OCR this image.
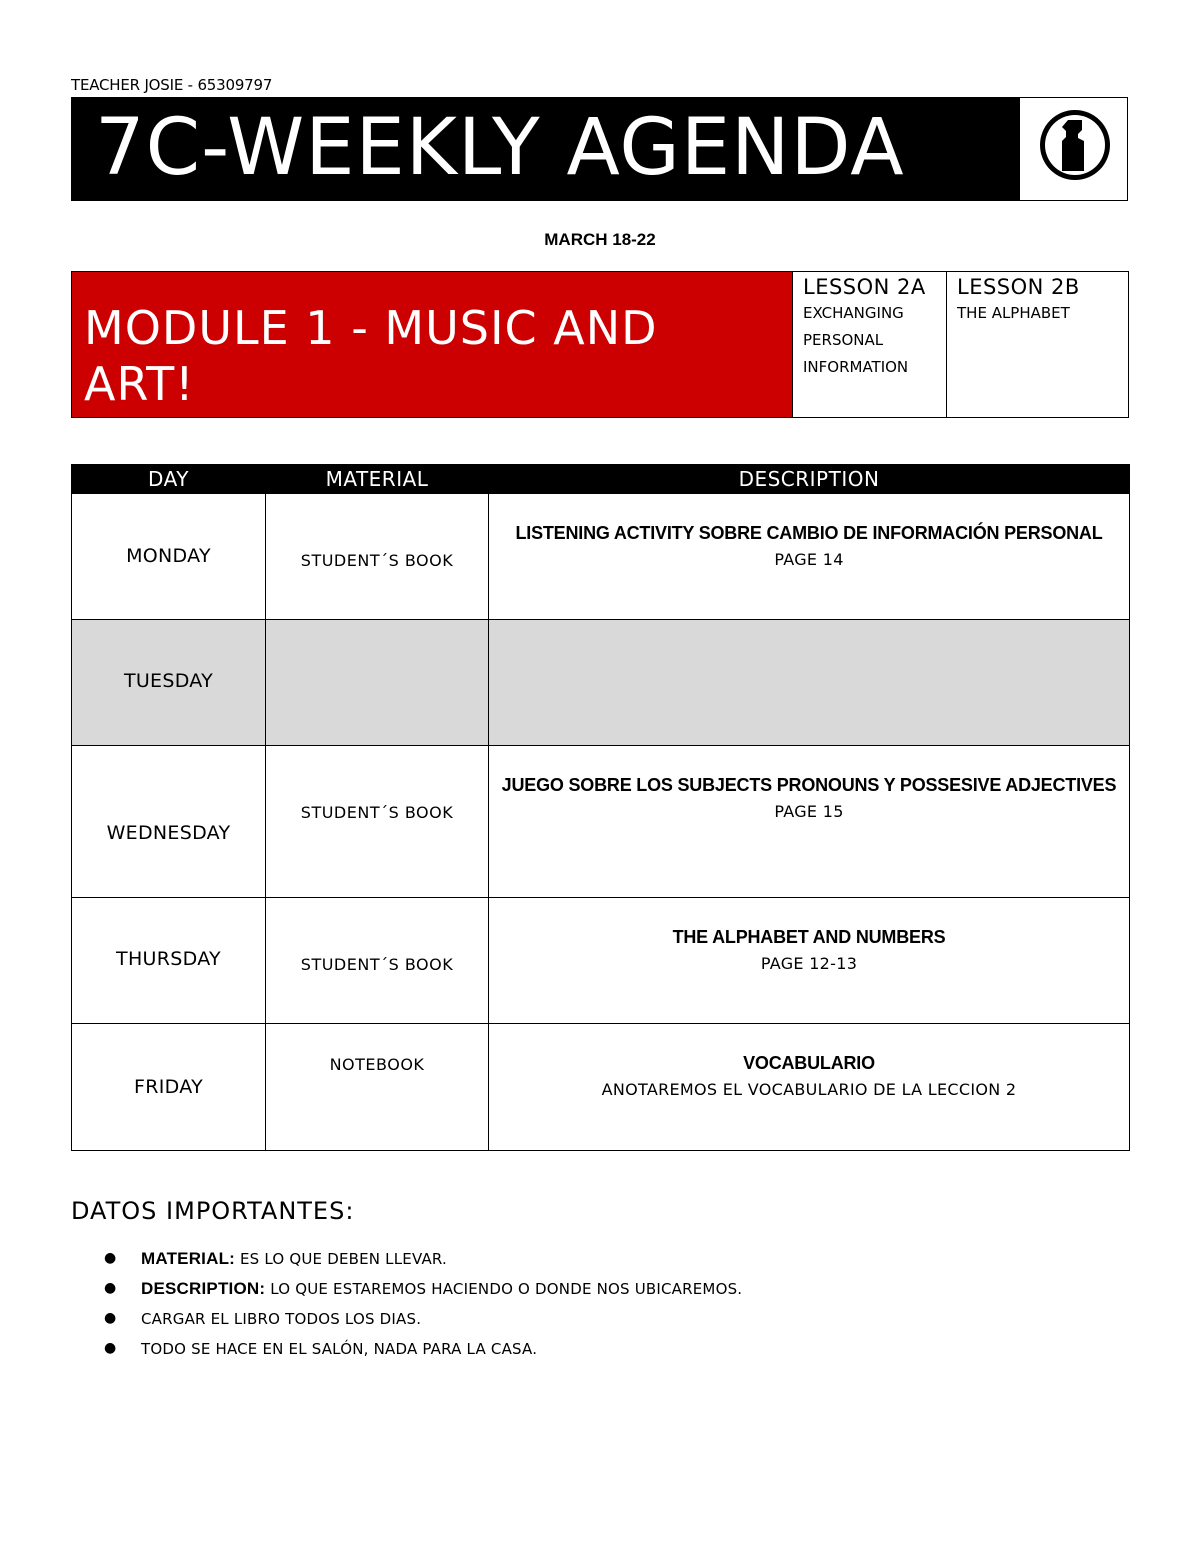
TEACHER JOSIE - 65309797
7C-WEEKLY AGENDA
MARCH 18-22
MODULE 1 - MUSIC AND ART!
LESSON 2A
EXCHANGING PERSONAL INFORMATION
LESSON 2B
THE ALPHABET
DAY	MATERIAL	DESCRIPTION

MONDAY	STUDENT´S BOOK	LISTENING ACTIVITY SOBRE CAMBIO DE INFORMACIÓN PERSONAL
PAGE 14

TUESDAY		

WEDNESDAY	STUDENT´S BOOK	JUEGO SOBRE LOS SUBJECTS PRONOUNS Y POSSESIVE ADJECTIVES
PAGE 15

THURSDAY	STUDENT´S BOOK	THE ALPHABET AND NUMBERS
PAGE 12-13

FRIDAY	NOTEBOOK	VOCABULARIO
ANOTAREMOS EL VOCABULARIO DE LA LECCION 2
DATOS IMPORTANTES:
● MATERIAL: ES LO QUE DEBEN LLEVAR.
● DESCRIPTION: LO QUE ESTAREMOS HACIENDO O DONDE NOS UBICAREMOS.
● CARGAR EL LIBRO TODOS LOS DIAS.
● TODO SE HACE EN EL SALÓN, NADA PARA LA CASA.
